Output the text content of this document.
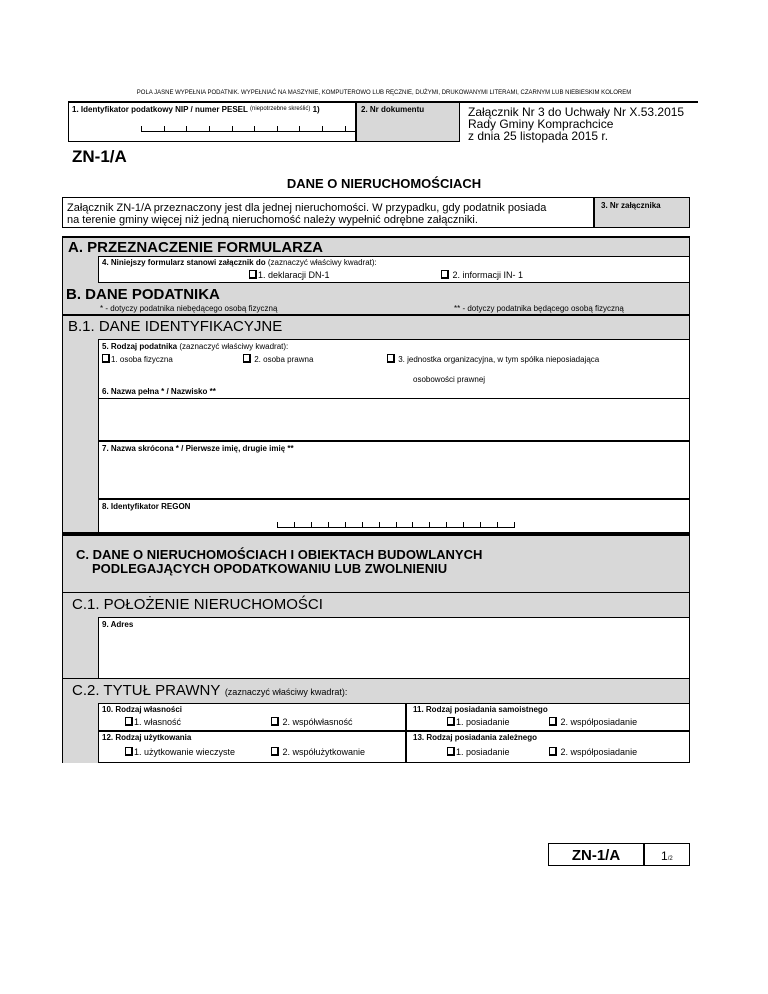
POLA JASNE WYPEŁNIA PODATNIK. WYPEŁNIAĆ NA MASZYNIE, KOMPUTEROWO LUB RĘCZNIE, DUŻYMI, DRUKOWANYMI LITERAMI, CZARNYM LUB NIEBIESKIM KOLOREM
1. Identyfikator podatkowy NIP / numer PESEL $^{(niepotrzebne skreślić)}$ 1)	2. Nr dokumentu	Załącznik Nr 3 do Uchwały Nr X.53.2015
Rady Gminy Komprachcice
z dnia 25 listopada 2015 r.
ZN-1/A
DANE O NIERUCHOMOŚCIACH
Załącznik ZN-1/A przeznaczony jest dla jednej nieruchomości. W przypadku, gdy podatnik posiada
na terenie gminy więcej niż jedną nieruchomość należy wypełnić odrębne załączniki.
3. Nr załącznika
A. PRZEZNACZENIE FORMULARZA
4. Niniejszy formularz stanowi załącznik do (zaznaczyć właściwy kwadrat):
1. deklaracji DN-1	2. informacji IN- 1
B. DANE PODATNIKA
* - dotyczy podatnika niebędącego osobą fizyczną	** - dotyczy podatnika będącego osobą fizyczną
B.1. DANE IDENTYFIKACYJNE
5. Rodzaj podatnika (zaznaczyć właściwy kwadrat):
1. osoba fizyczna	2. osoba prawna	3. jednostka organizacyjna, w tym spółka nieposiadająca
osobowości prawnej
6. Nazwa pełna * / Nazwisko **
7. Nazwa skrócona * / Pierwsze imię, drugie imię **
8. Identyfikator REGON
C. DANE O NIERUCHOMOŚCIACH I OBIEKTACH BUDOWLANYCH
PODLEGAJĄCYCH OPODATKOWANIU LUB ZWOLNIENIU
C.1. POŁOŻENIE NIERUCHOMOŚCI
9. Adres
C.2. TYTUŁ PRAWNY (zaznaczyć właściwy kwadrat):
10. Rodzaj własności
1. własność	2. współwłasność
11. Rodzaj posiadania samoistnego
1. posiadanie	2. współposiadanie
12. Rodzaj użytkowania
1. użytkowanie wieczyste	2. współużytkowanie
13. Rodzaj posiadania zależnego
1. posiadanie	2. współposiadanie
ZN-1/A	1/2
